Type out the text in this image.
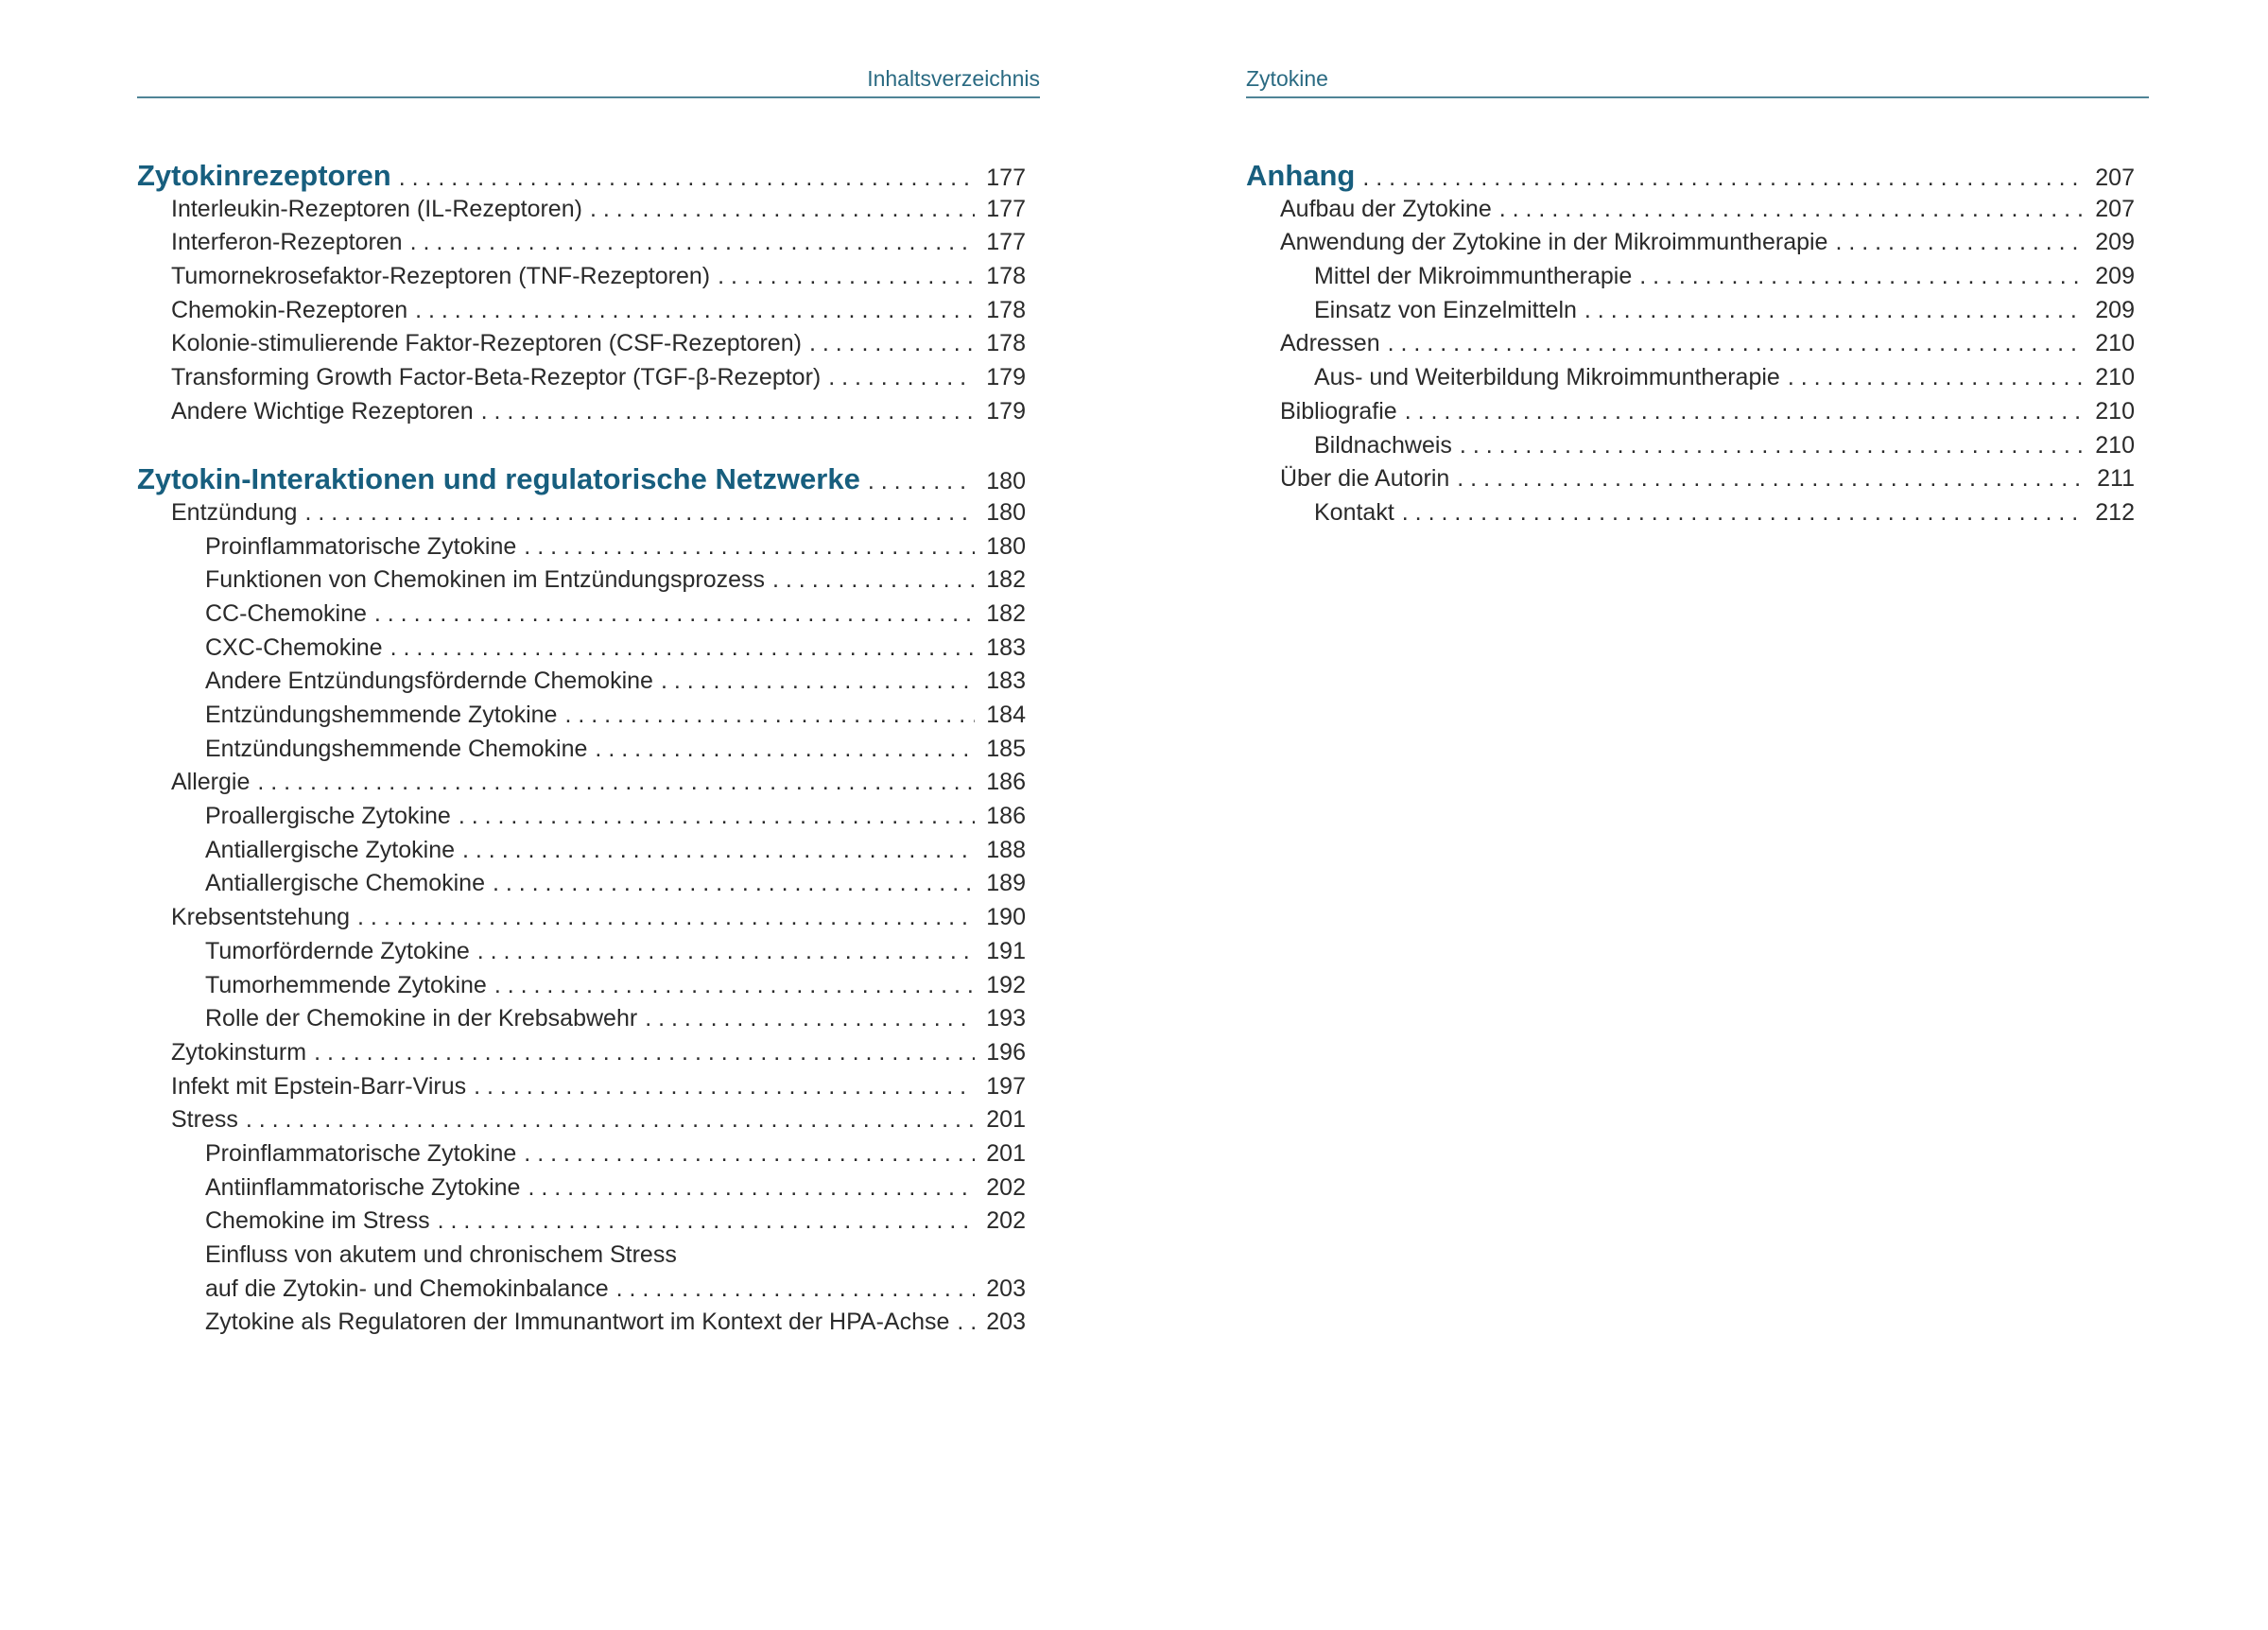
Inhaltsverzeichnis
Zytokinrezeptoren . . .	177
Interleukin-Rezeptoren (IL-Rezeptoren) . . .	177
Interferon-Rezeptoren . . .	177
Tumornekrosefaktor-Rezeptoren (TNF-Rezeptoren) . . .	178
Chemokin-Rezeptoren . . .	178
Kolonie-stimulierende Faktor-Rezeptoren (CSF-Rezeptoren) . . .	178
Transforming Growth Factor-Beta-Rezeptor (TGF-β-Rezeptor) . . .	179
Andere Wichtige Rezeptoren . . .	179
Zytokin-Interaktionen und regulatorische Netzwerke . . .	180
Entzündung . . .	180
Proinflammatorische Zytokine . . .	180
Funktionen von Chemokinen im Entzündungsprozess . . .	182
CC-Chemokine . . .	182
CXC-Chemokine . . .	183
Andere Entzündungsfördernde Chemokine . . .	183
Entzündungshemmende Zytokine . . .	184
Entzündungshemmende Chemokine . . .	185
Allergie . . .	186
Proallergische Zytokine . . .	186
Antiallergische Zytokine . . .	188
Antiallergische Chemokine . . .	189
Krebsentstehung . . .	190
Tumorfördernde Zytokine . . .	191
Tumorhemmende Zytokine . . .	192
Rolle der Chemokine in der Krebsabwehr . . .	193
Zytokinsturm . . .	196
Infekt mit Epstein-Barr-Virus . . .	197
Stress . . .	201
Proinflammatorische Zytokine . . .	201
Antiinflammatorische Zytokine . . .	202
Chemokine im Stress . . .	202
Einfluss von akutem und chronischem Stress
auf die Zytokin- und Chemokinbalance . . .	203
Zytokine als Regulatoren der Immunantwort im Kontext der HPA-Achse . . . 203
Zytokine
Anhang . . .	207
Aufbau der Zytokine . . .	207
Anwendung der Zytokine in der Mikroimmuntherapie . . .	209
Mittel der Mikroimmuntherapie . . .	209
Einsatz von Einzelmitteln . . .	209
Adressen . . .	210
Aus- und Weiterbildung Mikroimmuntherapie . . .	210
Bibliografie . . .	210
Bildnachweis . . .	210
Über die Autorin . . .	211
Kontakt . . .	212
